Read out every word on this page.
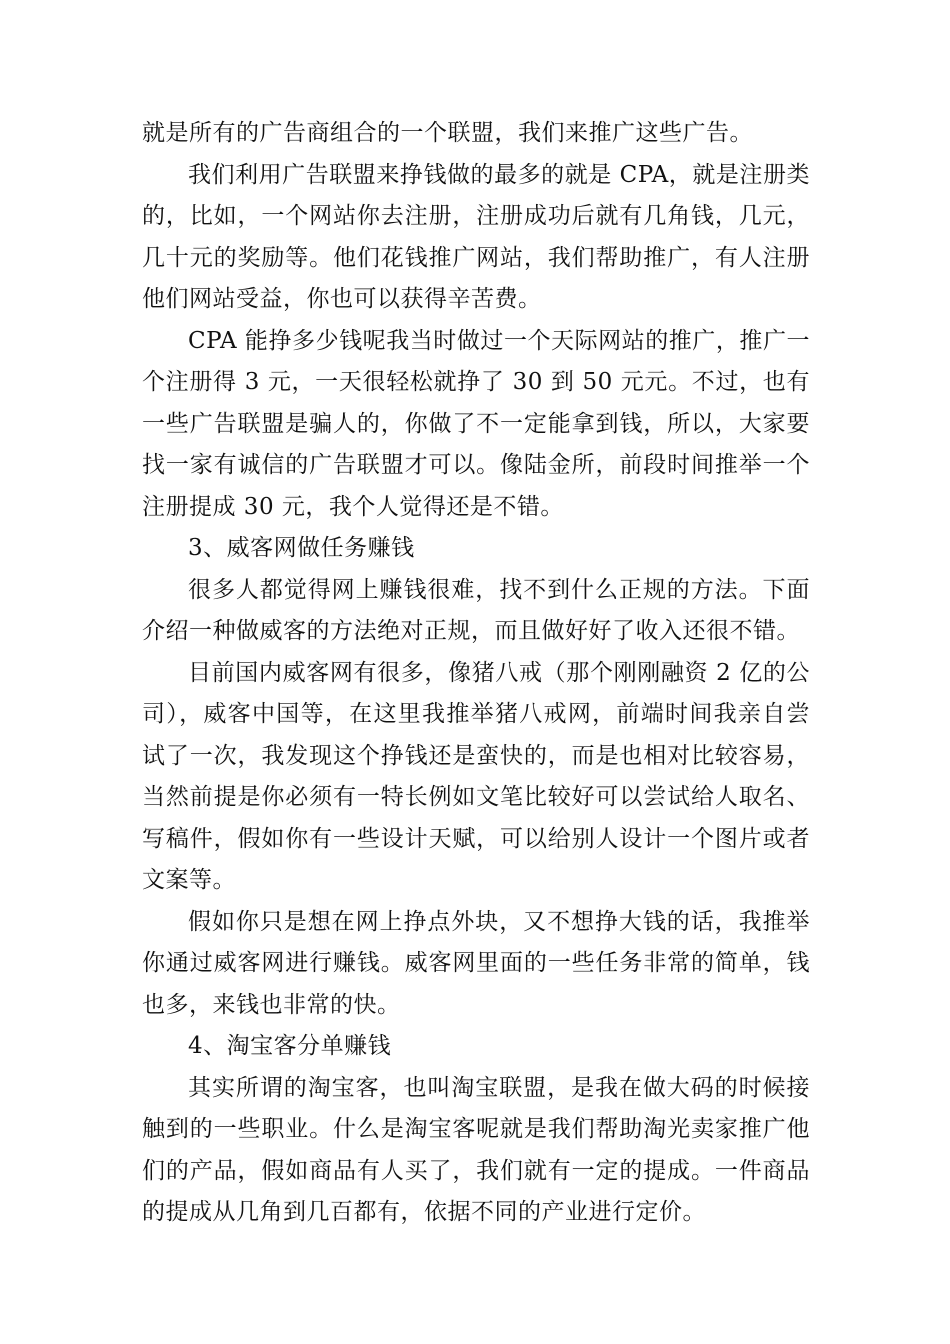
就是所有的广告商组合的一个联盟，我们来推广这些广告。

我们利用广告联盟来挣钱做的最多的就是 CPA，就是注册类的，比如，一个网站你去注册，注册成功后就有几角钱，几元，几十元的奖励等。他们花钱推广网站，我们帮助推广，有人注册他们网站受益，你也可以获得辛苦费。

CPA 能挣多少钱呢我当时做过一个天际网站的推广，推广一个注册得 3 元，一天很轻松就挣了 30 到 50 元元。不过，也有一些广告联盟是骗人的，你做了不一定能拿到钱，所以，大家要找一家有诚信的广告联盟才可以。像陆金所，前段时间推举一个注册提成 30 元，我个人觉得还是不错。

3、威客网做任务赚钱

很多人都觉得网上赚钱很难，找不到什么正规的方法。下面介绍一种做威客的方法绝对正规，而且做好好了收入还很不错。

目前国内威客网有很多，像猪八戒（那个刚刚融资 2 亿的公司），威客中国等，在这里我推举猪八戒网，前端时间我亲自尝试了一次，我发现这个挣钱还是蛮快的，而是也相对比较容易，当然前提是你必须有一特长例如文笔比较好可以尝试给人取名、写稿件，假如你有一些设计天赋，可以给别人设计一个图片或者文案等。

假如你只是想在网上挣点外块，又不想挣大钱的话，我推举你通过威客网进行赚钱。威客网里面的一些任务非常的简单，钱也多，来钱也非常的快。

4、淘宝客分单赚钱

其实所谓的淘宝客，也叫淘宝联盟，是我在做大码的时候接触到的一些职业。什么是淘宝客呢就是我们帮助淘光卖家推广他们的产品，假如商品有人买了，我们就有一定的提成。一件商品的提成从几角到几百都有，依据不同的产业进行定价。
